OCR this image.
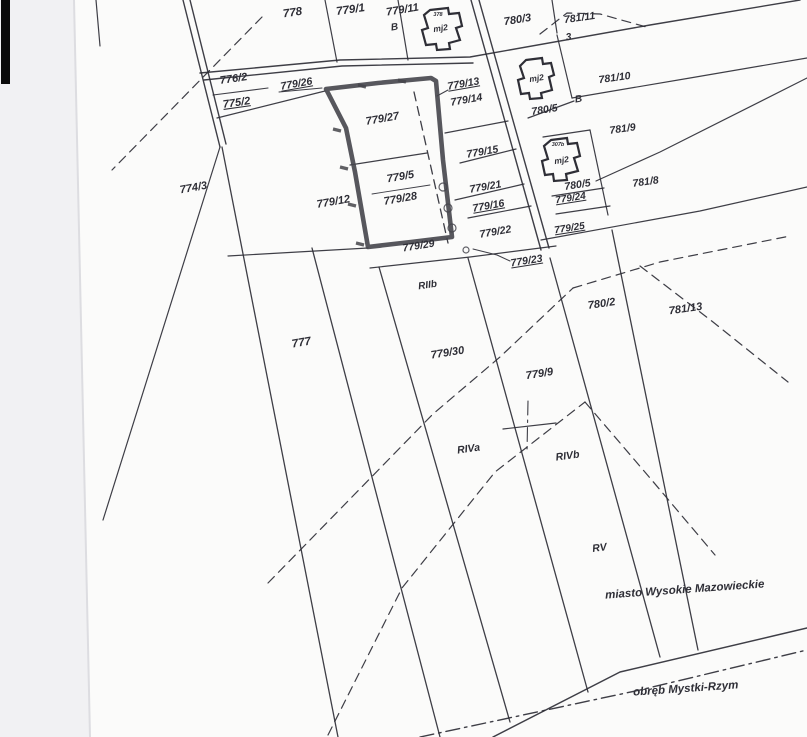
mj2
378
mj2
mj2
307b
778	779/1 779/11
B	780/3	781/11
3
776/2
775/2
779/26	779/13
779/14
779/27
780/5
B
781/10
781/9
774/3
779/12
779/5
779/28
779/15
779/21
779/16
780/5
779/24
781/8
779/22	779/25
779/29
779/23
RIIb
780/2	781/13
777
779/30
779/9
RIVa	RIVb
RV
miasto Wysokie Mazowieckie
obręb Mystki-Rzym
